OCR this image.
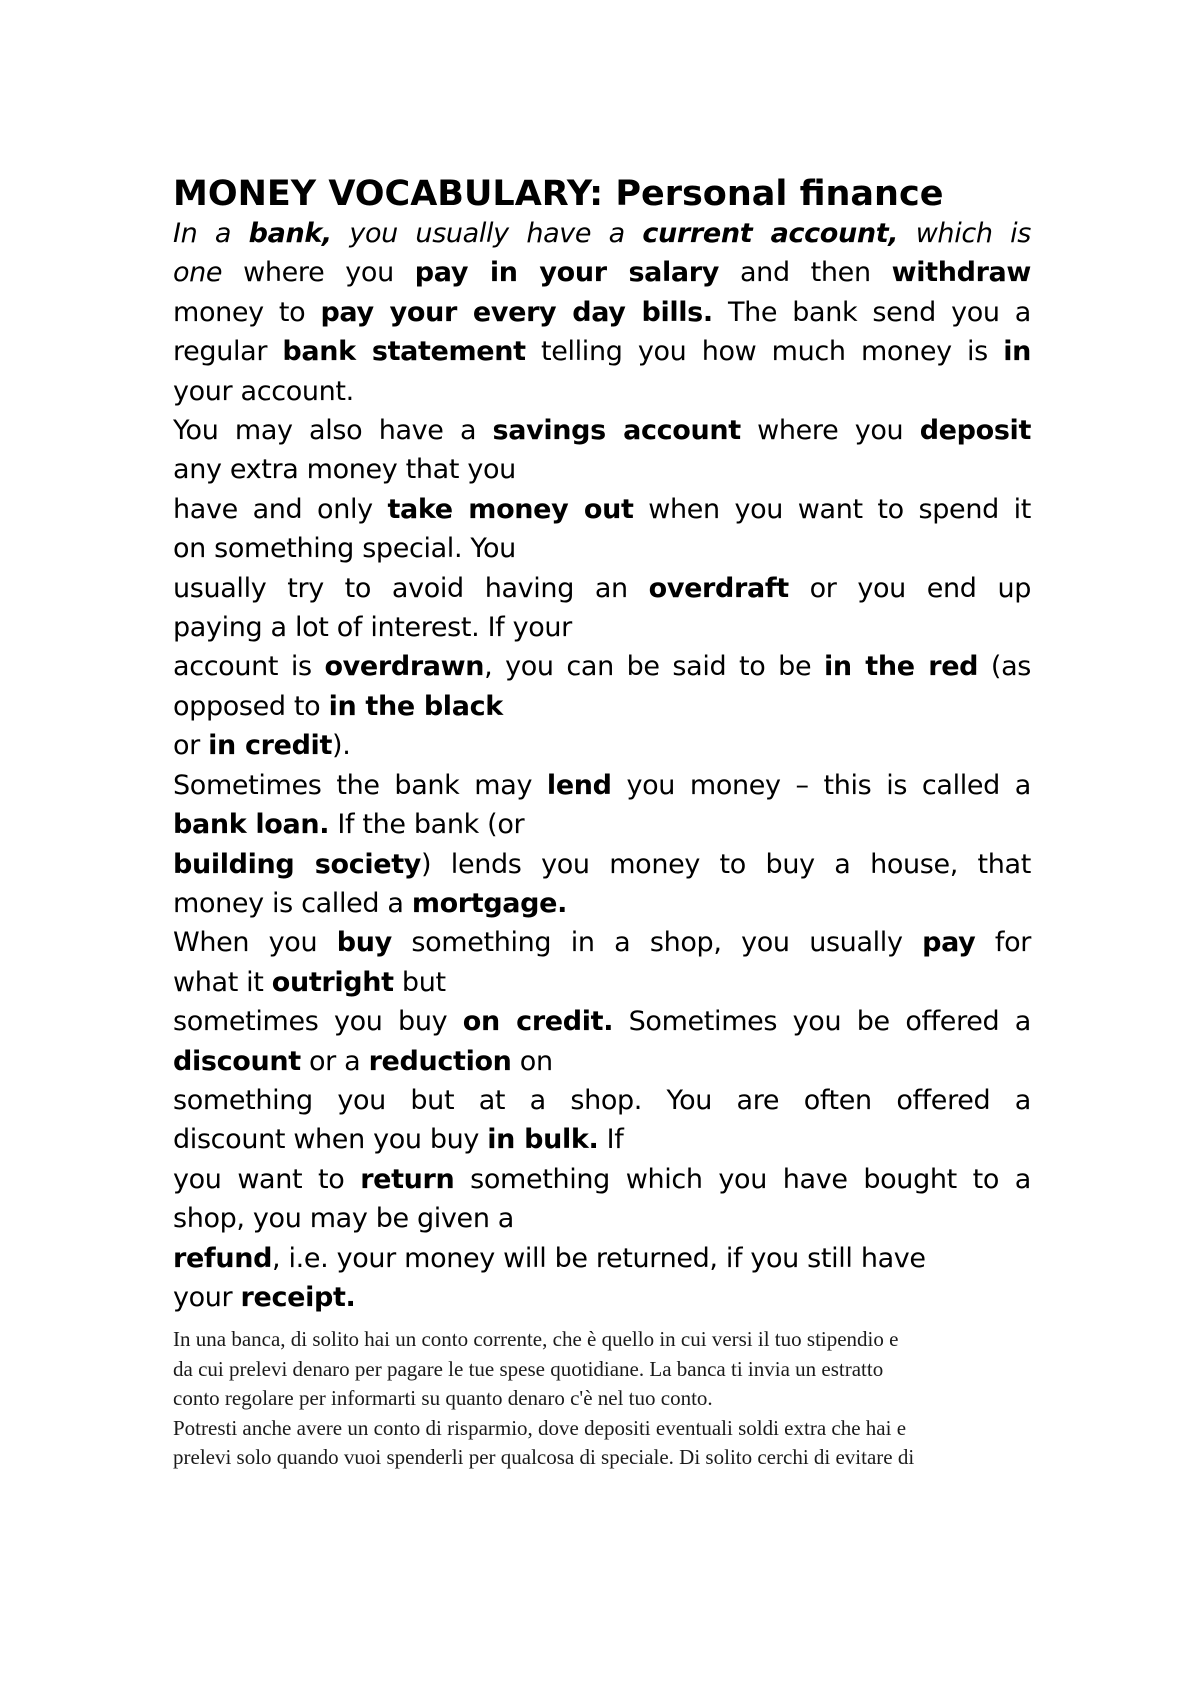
MONEY VOCABULARY: Personal finance
In a bank, you usually have a current account, which is
one where you pay in your salary and then withdraw
money to pay your every day bills. The bank send you a
regular bank statement telling you how much money is in
your account.
You may also have a savings account where you deposit
any extra money that you
have and only take money out when you want to spend it
on something special. You
usually try to avoid having an overdraft or you end up
paying a lot of interest. If your
account is overdrawn, you can be said to be in the red (as
opposed to in the black
or in credit).
Sometimes the bank may lend you money – this is called a
bank loan. If the bank (or
building society) lends you money to buy a house, that
money is called a mortgage.
When you buy something in a shop, you usually pay for
what it outright but
sometimes you buy on credit. Sometimes you be offered a
discount or a reduction on
something you but at a shop. You are often offered a
discount when you buy in bulk. If
you want to return something which you have bought to a
shop, you may be given a
refund, i.e. your money will be returned, if you still have
your receipt.
In una banca, di solito hai un conto corrente, che è quello in cui versi il tuo stipendio e
da cui prelevi denaro per pagare le tue spese quotidiane. La banca ti invia un estratto
conto regolare per informarti su quanto denaro c'è nel tuo conto.
Potresti anche avere un conto di risparmio, dove depositi eventuali soldi extra che hai e
prelevi solo quando vuoi spenderli per qualcosa di speciale. Di solito cerchi di evitare di
